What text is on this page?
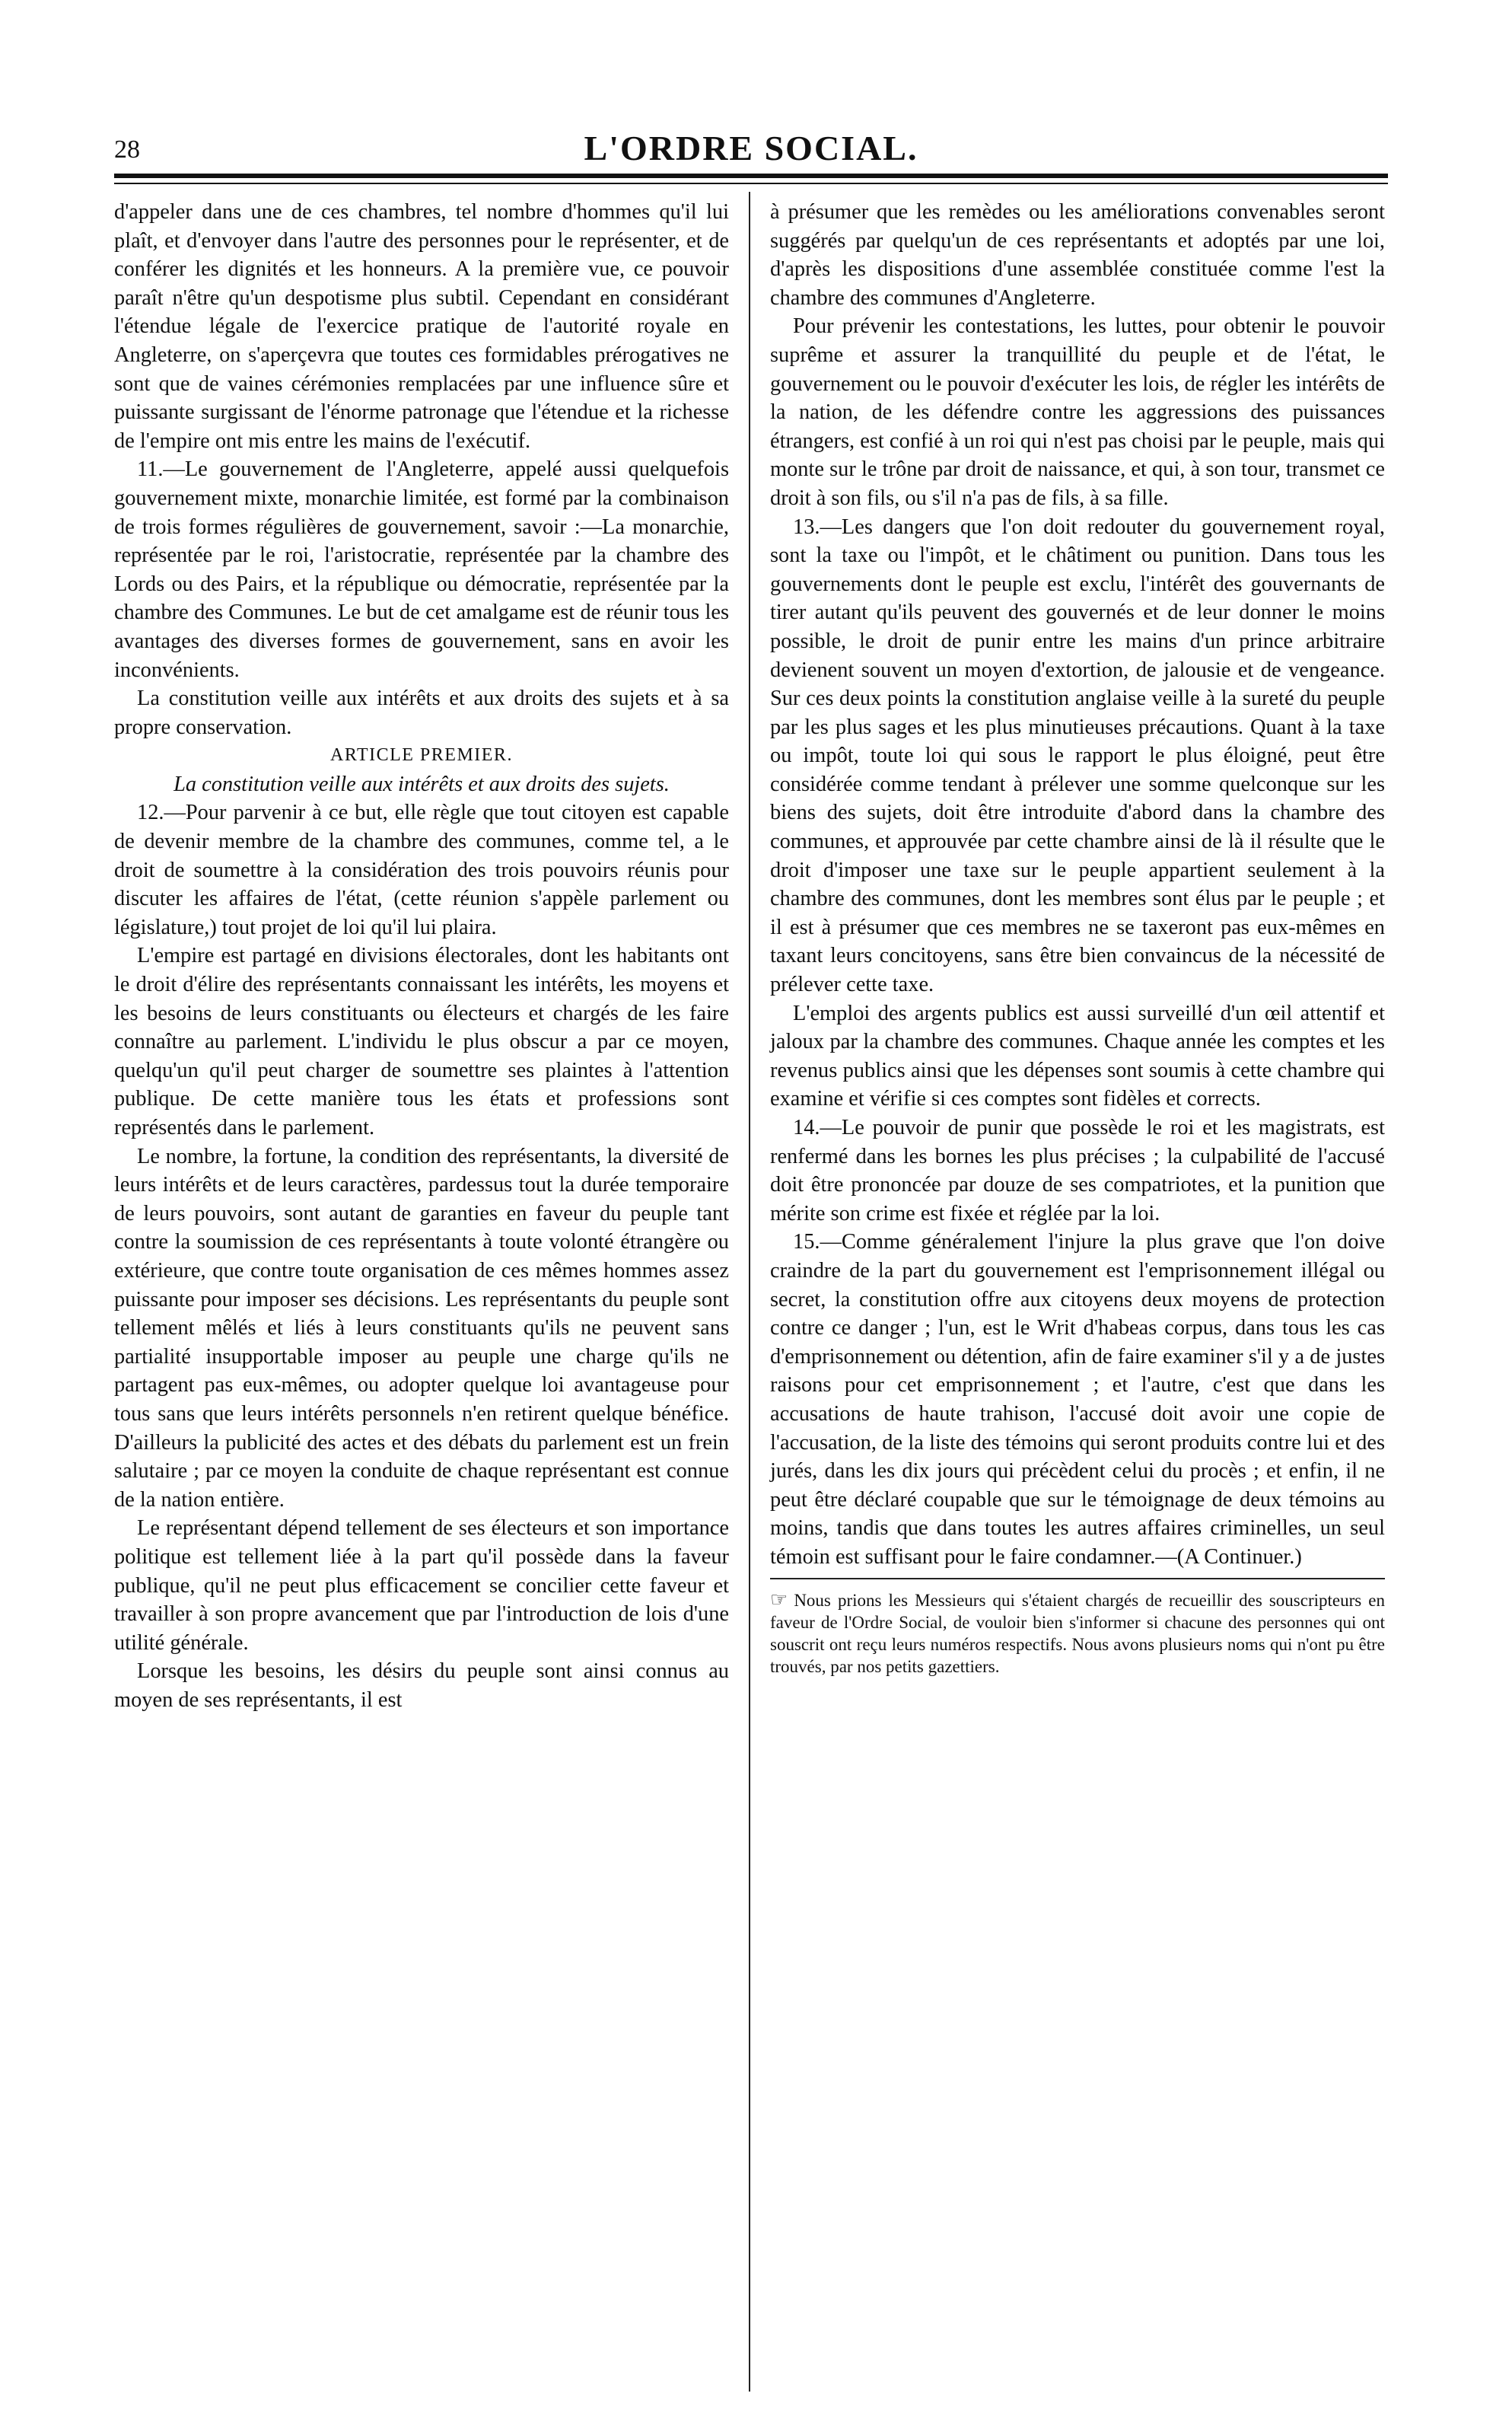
28	L'ORDRE SOCIAL.

d'appeler dans une de ces chambres, tel nombre d'hommes qu'il lui plaît, et d'envoyer dans l'autre des personnes pour le représenter, et de conférer les dignités et les honneurs. A la première vue, ce pouvoir paraît n'être qu'un despotisme plus subtil. Cependant en considérant l'étendue légale de l'exercice pratique de l'autorité royale en Angleterre, on s'aperçevra que toutes ces formidables prérogatives ne sont que de vaines cérémonies remplacées par une influence sûre et puissante surgissant de l'énorme patronage que l'étendue et la richesse de l'empire ont mis entre les mains de l'exécutif.

11.—Le gouvernement de l'Angleterre, appelé aussi quelquefois gouvernement mixte, monarchie limitée, est formé par la combinaison de trois formes régulières de gouvernement, savoir :—La monarchie, représentée par le roi, l'aristocratie, représentée par la chambre des Lords ou des Pairs, et la république ou démocratie, représentée par la chambre des Communes. Le but de cet amalgame est de réunir tous les avantages des diverses formes de gouvernement, sans en avoir les inconvénients.

La constitution veille aux intérêts et aux droits des sujets et à sa propre conservation.

ARTICLE PREMIER.

La constitution veille aux intérêts et aux droits des sujets.

12.—Pour parvenir à ce but, elle règle que tout citoyen est capable de devenir membre de la chambre des communes, comme tel, a le droit de soumettre à la considération des trois pouvoirs réunis pour discuter les affaires de l'état, (cette réunion s'appèle parlement ou législature,) tout projet de loi qu'il lui plaira.

L'empire est partagé en divisions électorales, dont les habitants ont le droit d'élire des représentants connaissant les intérêts, les moyens et les besoins de leurs constituants ou électeurs et chargés de les faire connaître au parlement. L'individu le plus obscur a par ce moyen, quelqu'un qu'il peut charger de soumettre ses plaintes à l'attention publique. De cette manière tous les états et professions sont représentés dans le parlement.

Le nombre, la fortune, la condition des représentants, la diversité de leurs intérêts et de leurs caractères, pardessus tout la durée temporaire de leurs pouvoirs, sont autant de garanties en faveur du peuple tant contre la soumission de ces représentants à toute volonté étrangère ou extérieure, que contre toute organisation de ces mêmes hommes assez puissante pour imposer ses décisions. Les représentants du peuple sont tellement mêlés et liés à leurs constituants qu'ils ne peuvent sans partialité insupportable imposer au peuple une charge qu'ils ne partagent pas eux-mêmes, ou adopter quelque loi avantageuse pour tous sans que leurs intérêts personnels n'en retirent quelque bénéfice. D'ailleurs la publicité des actes et des débats du parlement est un frein salutaire ; par ce moyen la conduite de chaque représentant est connue de la nation entière.

Le représentant dépend tellement de ses électeurs et son importance politique est tellement liée à la part qu'il possède dans la faveur publique, qu'il ne peut plus efficacement se concilier cette faveur et travailler à son propre avancement que par l'introduction de lois d'une utilité générale.

Lorsque les besoins, les désirs du peuple sont ainsi connus au moyen de ses représentants, il est

à présumer que les remèdes ou les améliorations convenables seront suggérés par quelqu'un de ces représentants et adoptés par une loi, d'après les dispositions d'une assemblée constituée comme l'est la chambre des communes d'Angleterre.

Pour prévenir les contestations, les luttes, pour obtenir le pouvoir suprême et assurer la tranquillité du peuple et de l'état, le gouvernement ou le pouvoir d'exécuter les lois, de régler les intérêts de la nation, de les défendre contre les aggressions des puissances étrangers, est confié à un roi qui n'est pas choisi par le peuple, mais qui monte sur le trône par droit de naissance, et qui, à son tour, transmet ce droit à son fils, ou s'il n'a pas de fils, à sa fille.

13.—Les dangers que l'on doit redouter du gouvernement royal, sont la taxe ou l'impôt, et le châtiment ou punition. Dans tous les gouvernements dont le peuple est exclu, l'intérêt des gouvernants de tirer autant qu'ils peuvent des gouvernés et de leur donner le moins possible, le droit de punir entre les mains d'un prince arbitraire devienent souvent un moyen d'extortion, de jalousie et de vengeance. Sur ces deux points la constitution anglaise veille à la sureté du peuple par les plus sages et les plus minutieuses précautions. Quant à la taxe ou impôt, toute loi qui sous le rapport le plus éloigné, peut être considérée comme tendant à prélever une somme quelconque sur les biens des sujets, doit être introduite d'abord dans la chambre des communes, et approuvée par cette chambre ainsi de là il résulte que le droit d'imposer une taxe sur le peuple appartient seulement à la chambre des communes, dont les membres sont élus par le peuple ; et il est à présumer que ces membres ne se taxeront pas eux-mêmes en taxant leurs concitoyens, sans être bien convaincus de la nécessité de prélever cette taxe.

L'emploi des argents publics est aussi surveillé d'un œil attentif et jaloux par la chambre des communes. Chaque année les comptes et les revenus publics ainsi que les dépenses sont soumis à cette chambre qui examine et vérifie si ces comptes sont fidèles et corrects.

14.—Le pouvoir de punir que possède le roi et les magistrats, est renfermé dans les bornes les plus précises ; la culpabilité de l'accusé doit être prononcée par douze de ses compatriotes, et la punition que mérite son crime est fixée et réglée par la loi.

15.—Comme généralement l'injure la plus grave que l'on doive craindre de la part du gouvernement est l'emprisonnement illégal ou secret, la constitution offre aux citoyens deux moyens de protection contre ce danger ; l'un, est le Writ d'habeas corpus, dans tous les cas d'emprisonnement ou détention, afin de faire examiner s'il y a de justes raisons pour cet emprisonnement ; et l'autre, c'est que dans les accusations de haute trahison, l'accusé doit avoir une copie de l'accusation, de la liste des témoins qui seront produits contre lui et des jurés, dans les dix jours qui précèdent celui du procès ; et enfin, il ne peut être déclaré coupable que sur le témoignage de deux témoins au moins, tandis que dans toutes les autres affaires criminelles, un seul témoin est suffisant pour le faire condamner.—(A Continuer.)

☞ Nous prions les Messieurs qui s'étaient chargés de recueillir des souscripteurs en faveur de l'Ordre Social, de vouloir bien s'informer si chacune des personnes qui ont souscrit ont reçu leurs numéros respectifs. Nous avons plusieurs noms qui n'ont pu être trouvés, par nos petits gazettiers.
